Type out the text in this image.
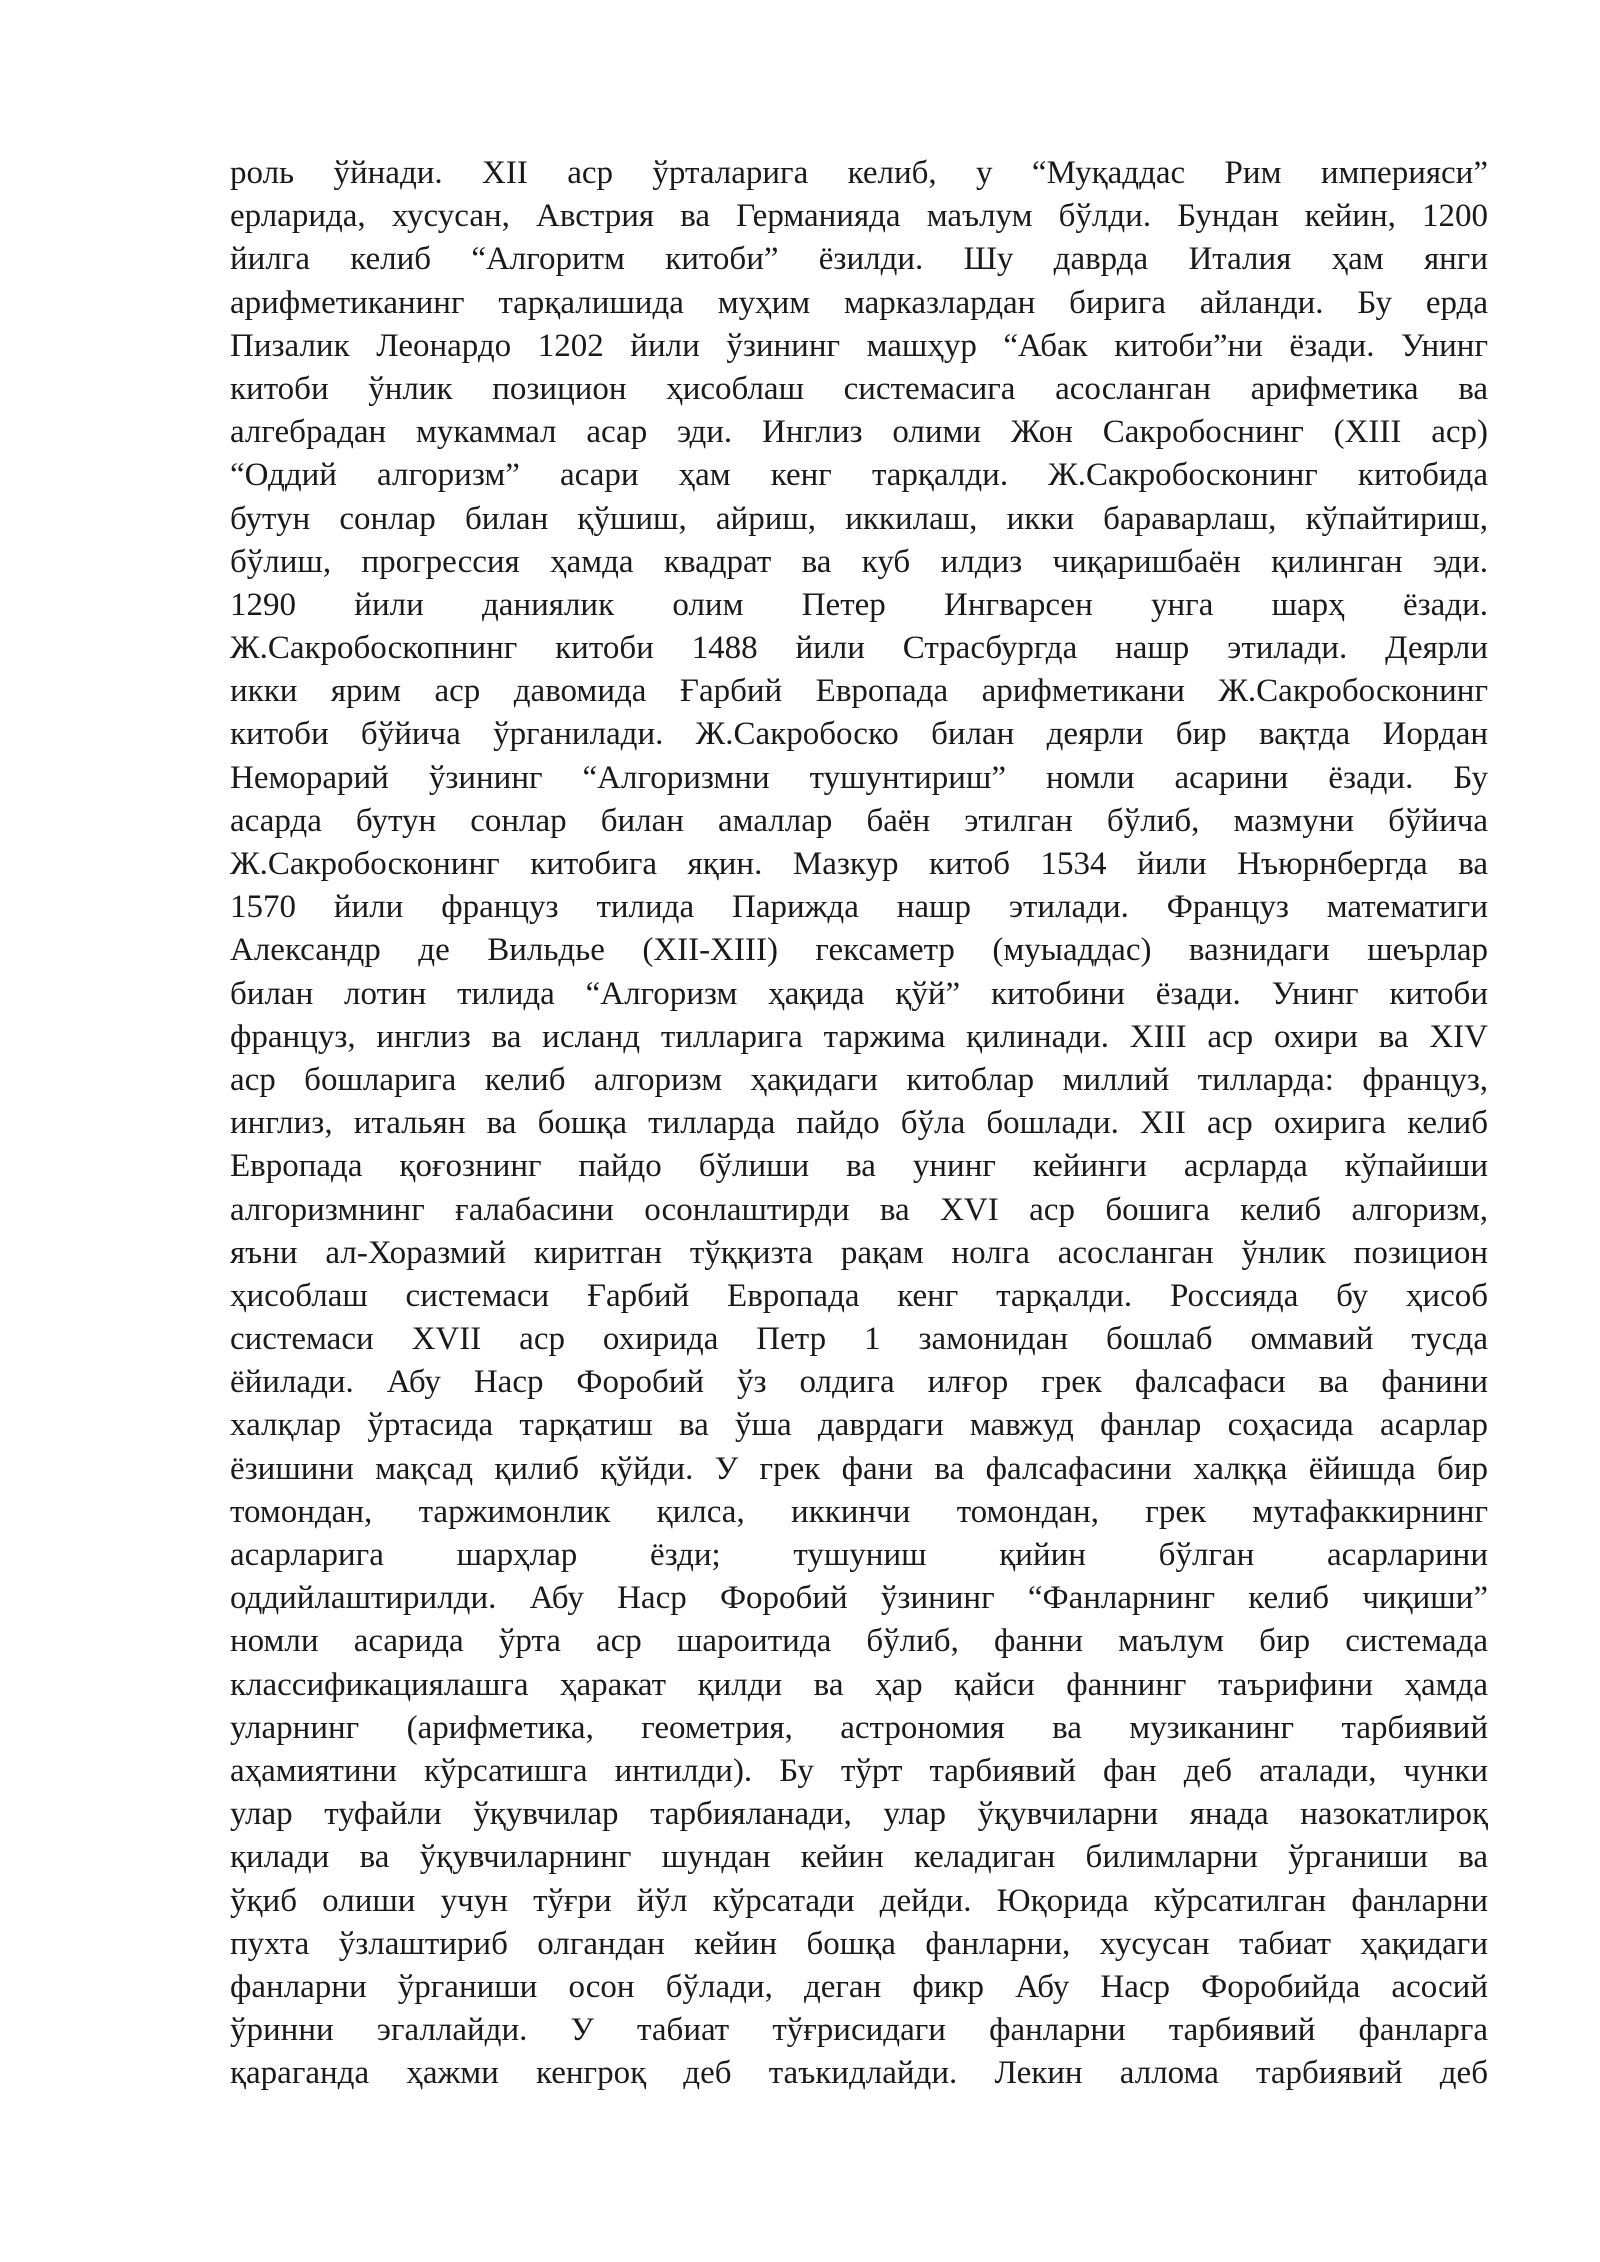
роль ўйнади. XII аср ўрталарига келиб, у “Муқаддас Рим империяси”
ерларида, хусусан, Австрия ва Германияда маълум бўлди. Бундан кейин, 1200
йилга келиб “Алгоритм китоби” ёзилди. Шу даврда Италия ҳам янги
арифметиканинг тарқалишида муҳим марказлардан бирига айланди. Бу ерда
Пизалик Леонардо 1202 йили ўзининг машҳур “Абак китоби”ни ёзади. Унинг
китоби ўнлик позицион ҳисоблаш системасига асосланган арифметика ва
алгебрадан мукаммал асар эди. Инглиз олими Жон Сакробоснинг (XIII аср)
“Оддий алгоризм” асари ҳам кенг тарқалди. Ж.Сакробосконинг китобида
бутун сонлар билан қўшиш, айриш, иккилаш, икки бараварлаш, кўпайтириш,
бўлиш, прогрессия ҳамда квадрат ва куб илдиз чиқаришбаён қилинган эди.
1290 йили даниялик олим Петер Ингварсен унга шарҳ ёзади.
Ж.Сакробоскопнинг китоби 1488 йили Страсбургда нашр этилади. Деярли
икки ярим аср давомида Ғарбий Европада арифметикани Ж.Сакробосконинг
китоби бўйича ўрганилади. Ж.Сакробоско билан деярли бир вақтда Иордан
Неморарий ўзининг “Алгоризмни тушунтириш” номли асарини ёзади. Бу
асарда бутун сонлар билан амаллар баён этилган бўлиб, мазмуни бўйича
Ж.Сакробосконинг китобига яқин. Мазкур китоб 1534 йили Нъюрнбергда ва
1570 йили француз тилида Парижда нашр этилади. Француз математиги
Александр де Вильдье (XII-XIII) гексаметр (муыаддас) вазнидаги шеърлар
билан лотин тилида “Алгоризм ҳақида қўй” китобини ёзади. Унинг китоби
француз, инглиз ва исланд тилларига таржима қилинади. XIII аср охири ва XIV
аср бошларига келиб алгоризм ҳақидаги китоблар миллий тилларда: француз,
инглиз, итальян ва бошқа тилларда пайдо бўла бошлади. XII аср охирига келиб
Европада қоғознинг пайдо бўлиши ва унинг кейинги асрларда кўпайиши
алгоризмнинг ғалабасини осонлаштирди ва XVI аср бошига келиб алгоризм,
яъни ал-Хоразмий киритган тўққизта рақам нолга асосланган ўнлик позицион
ҳисоблаш системаси Ғарбий Европада кенг тарқалди. Россияда бу ҳисоб
системаси XVII аср охирида Петр 1 замонидан бошлаб оммавий тусда
ёйилади. Абу Наср Форобий ўз олдига илғор грек фалсафаси ва фанини
халқлар ўртасида тарқатиш ва ўша даврдаги мавжуд фанлар соҳасида асарлар
ёзишини мақсад қилиб қўйди. У грек фани ва фалсафасини халққа ёйишда бир
томондан, таржимонлик қилса, иккинчи томондан, грек мутафаккирнинг
асарларига шарҳлар ёзди; тушуниш қийин бўлган асарларини
оддийлаштирилди. Абу Наср Форобий ўзининг “Фанларнинг келиб чиқиши”
номли асарида ўрта аср шароитида бўлиб, фанни маълум бир системада
классификациялашга ҳаракат қилди ва ҳар қайси фаннинг таърифини ҳамда
уларнинг (арифметика, геометрия, астрономия ва музиканинг тарбиявий
аҳамиятини кўрсатишга интилди). Бу тўрт тарбиявий фан деб аталади, чунки
улар туфайли ўқувчилар тарбияланади, улар ўқувчиларни янада назокатлироқ
қилади ва ўқувчиларнинг шундан кейин келадиган билимларни ўрганиши ва
ўқиб олиши учун тўғри йўл кўрсатади дейди. Юқорида кўрсатилган фанларни
пухта ўзлаштириб олгандан кейин бошқа фанларни, хусусан табиат ҳақидаги
фанларни ўрганиши осон бўлади, деган фикр Абу Наср Форобийда асосий
ўринни эгаллайди. У табиат тўғрисидаги фанларни тарбиявий фанларга
қараганда ҳажми кенгроқ деб таъкидлайди. Лекин аллома тарбиявий деб
